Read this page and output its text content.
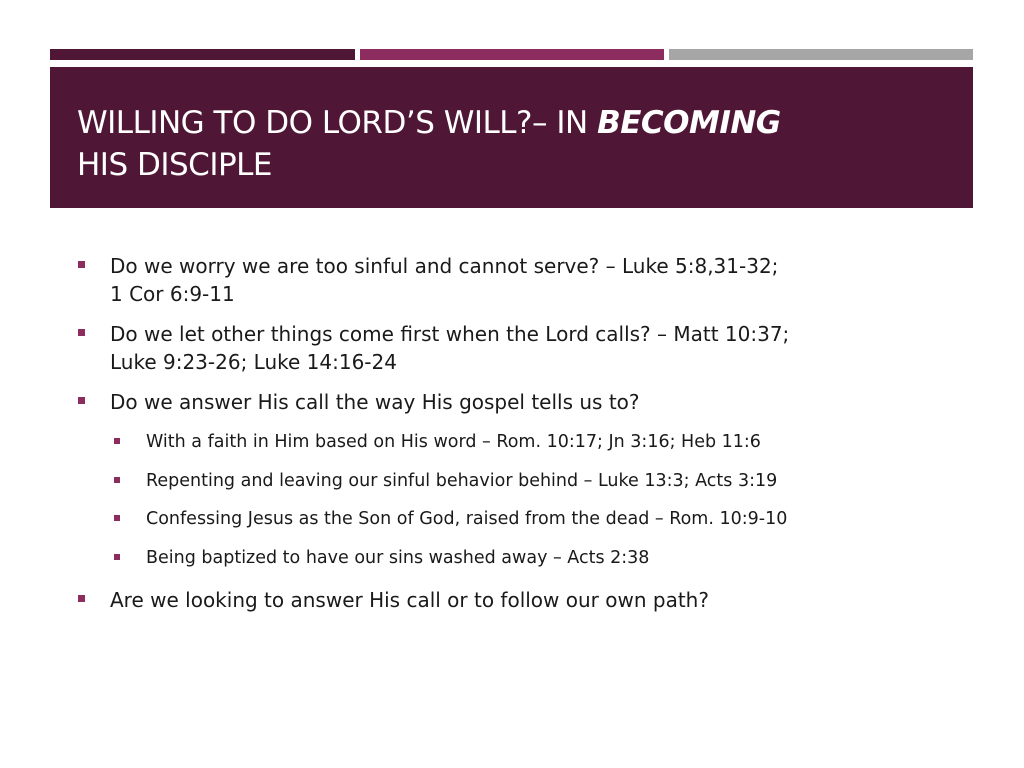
WILLING TO DO LORD’S WILL?– IN BECOMING
HIS DISCIPLE
Do we worry we are too sinful and cannot serve? – Luke 5:8,31-32;
1 Cor 6:9-11
Do we let other things come first when the Lord calls? – Matt 10:37;
Luke 9:23-26; Luke 14:16-24
Do we answer His call the way His gospel tells us to?
With a faith in Him based on His word – Rom. 10:17; Jn 3:16; Heb 11:6
Repenting and leaving our sinful behavior behind – Luke 13:3; Acts 3:19
Confessing Jesus as the Son of God, raised from the dead – Rom. 10:9-10
Being baptized to have our sins washed away – Acts 2:38
Are we looking to answer His call or to follow our own path?
